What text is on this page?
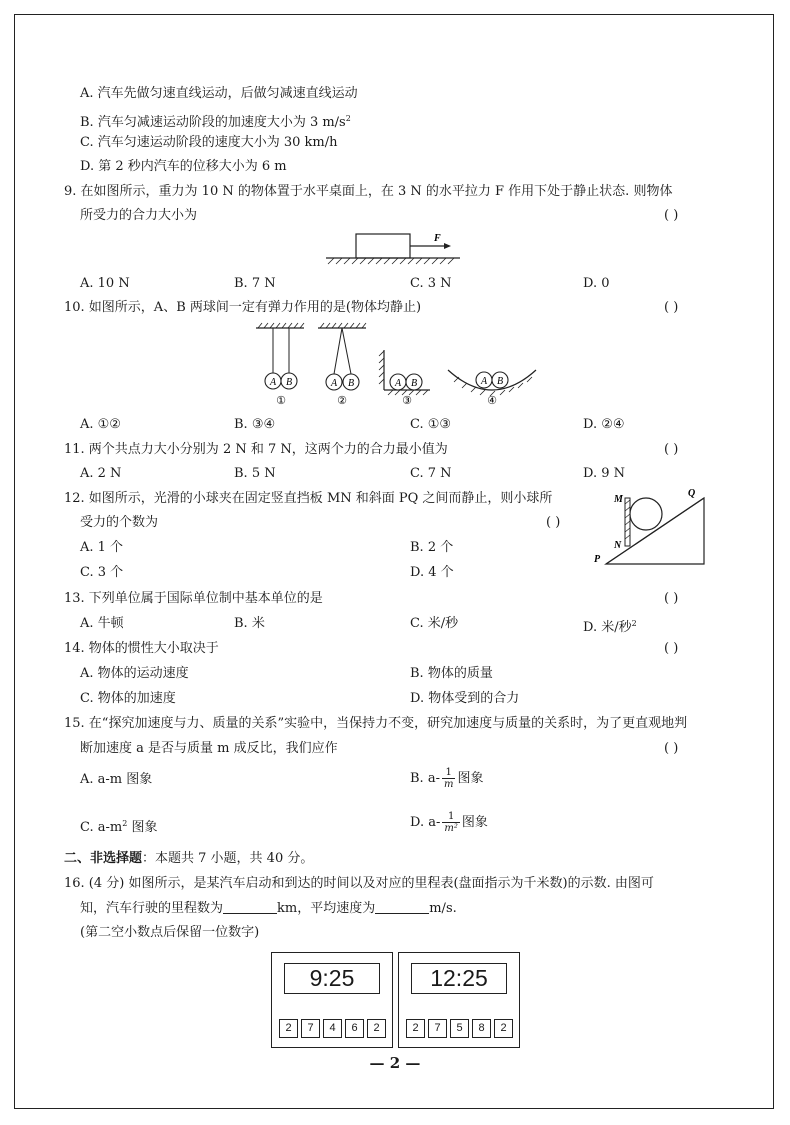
A. 汽车先做匀速直线运动，后做匀减速直线运动
B. 汽车匀减速运动阶段的加速度大小为 3 $m/s^2$
C. 汽车匀速运动阶段的速度大小为 30 km/h
D. 第 2 秒内汽车的位移大小为 6 m
9. 在如图所示，重力为 10 N 的物体置于水平桌面上，在 3 N 的水平拉力 F 作用下处于静止状态. 则物体
所受力的合力大小为	( )
F
A. 10 N	B. 7 N	C. 3 N	D. 0
10. 如图所示，A、B 两球间一定有弹力作用的是(物体均静止)	( )
A B
①
A B
②
A B
③
A B
④
A. ①②	B. ③④	C. ①③	D. ②④
11. 两个共点力大小分别为 2 N 和 7 N，这两个力的合力最小值为	( )
A. 2 N	B. 5 N	C. 7 N	D. 9 N
12. 如图所示，光滑的小球夹在固定竖直挡板 MN 和斜面 PQ 之间而静止，则小球所
受力的个数为	( )
A. 1 个	B. 2 个
C. 3 个	D. 4 个
M
N
P
Q
13. 下列单位属于国际单位制中基本单位的是	( )
A. 牛顿	B. 米	C. 米/秒	D. 米/秒$^2$
14. 物体的惯性大小取决于	( )
A. 物体的运动速度	B. 物体的质量
C. 物体的加速度	D. 物体受到的合力
15. 在“探究加速度与力、质量的关系”实验中，当保持力不变，研究加速度与质量的关系时，为了更直观地判
断加速度 a 是否与质量 m 成反比，我们应作	( )
A. a-m 图象	B. $a- \frac{1}{m}$ 图象
C. $a-m^2$ 图象	D. $a- \frac{1}{\text{m²}}$ 图象
二、非选择题：本题共 7 小题，共 40 分。
16. (4 分) 如图所示，是某汽车启动和到达的时间以及对应的里程表(盘面指示为千米数)的示数. 由图可
知，汽车行驶的里程数为	km，平均速度为	m/s.
(第二空小数点后保留一位数字)
9:25
2	7	4	6	2
12:25
2	7	5	8	2
— 2 —
